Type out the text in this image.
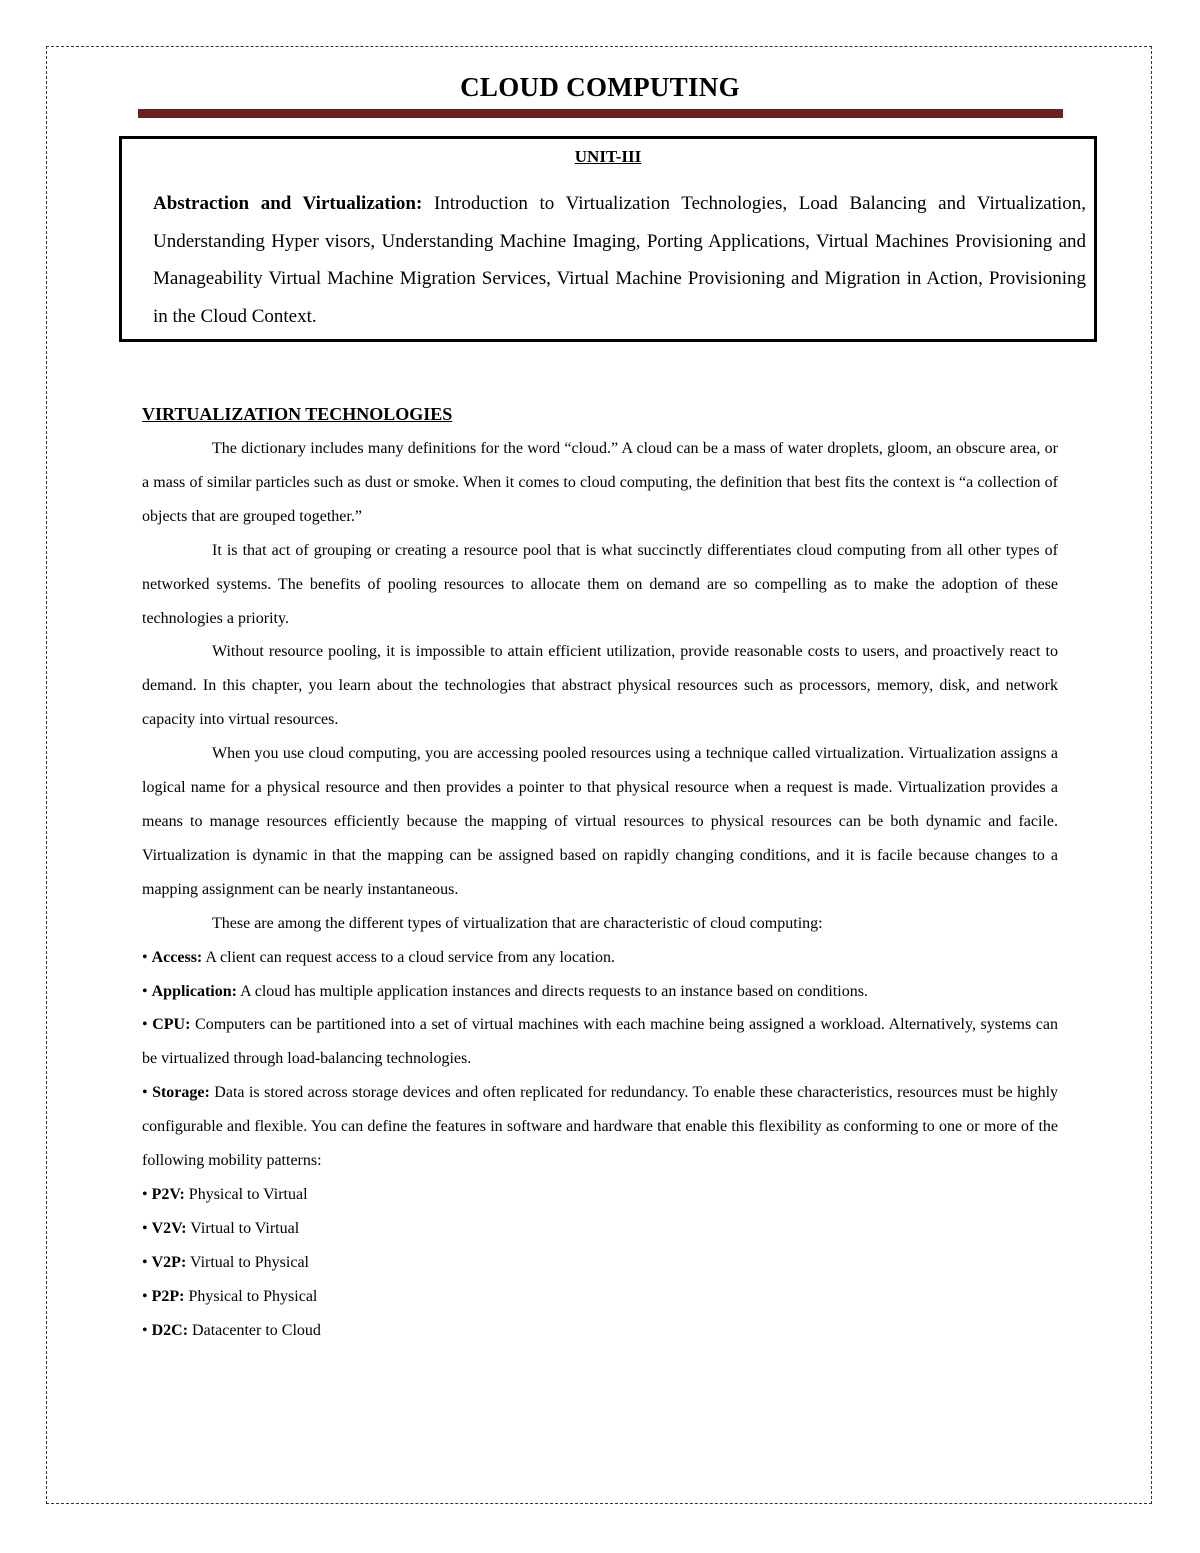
CLOUD COMPUTING
UNIT-III
Abstraction and Virtualization: Introduction to Virtualization Technologies, Load Balancing and Virtualization, Understanding Hyper visors, Understanding Machine Imaging, Porting Applications, Virtual Machines Provisioning and Manageability Virtual Machine Migration Services, Virtual Machine Provisioning and Migration in Action, Provisioning in the Cloud Context.
VIRTUALIZATION TECHNOLOGIES

The dictionary includes many definitions for the word “cloud.” A cloud can be a mass of water droplets, gloom, an obscure area, or a mass of similar particles such as dust or smoke. When it comes to cloud computing, the definition that best fits the context is “a collection of objects that are grouped together.”

It is that act of grouping or creating a resource pool that is what succinctly differentiates cloud computing from all other types of networked systems. The benefits of pooling resources to allocate them on demand are so compelling as to make the adoption of these technologies a priority.

Without resource pooling, it is impossible to attain efficient utilization, provide reasonable costs to users, and proactively react to demand. In this chapter, you learn about the technologies that abstract physical resources such as processors, memory, disk, and network capacity into virtual resources.

When you use cloud computing, you are accessing pooled resources using a technique called virtualization. Virtualization assigns a logical name for a physical resource and then provides a pointer to that physical resource when a request is made. Virtualization provides a means to manage resources efficiently because the mapping of virtual resources to physical resources can be both dynamic and facile. Virtualization is dynamic in that the mapping can be assigned based on rapidly changing conditions, and it is facile because changes to a mapping assignment can be nearly instantaneous.

These are among the different types of virtualization that are characteristic of cloud computing:

• Access: A client can request access to a cloud service from any location.

• Application: A cloud has multiple application instances and directs requests to an instance based on conditions.

• CPU: Computers can be partitioned into a set of virtual machines with each machine being assigned a workload. Alternatively, systems can be virtualized through load-balancing technologies.

• Storage: Data is stored across storage devices and often replicated for redundancy. To enable these characteristics, resources must be highly configurable and flexible. You can define the features in software and hardware that enable this flexibility as conforming to one or more of the following mobility patterns:

• P2V: Physical to Virtual

• V2V: Virtual to Virtual

• V2P: Virtual to Physical

• P2P: Physical to Physical

• D2C: Datacenter to Cloud
